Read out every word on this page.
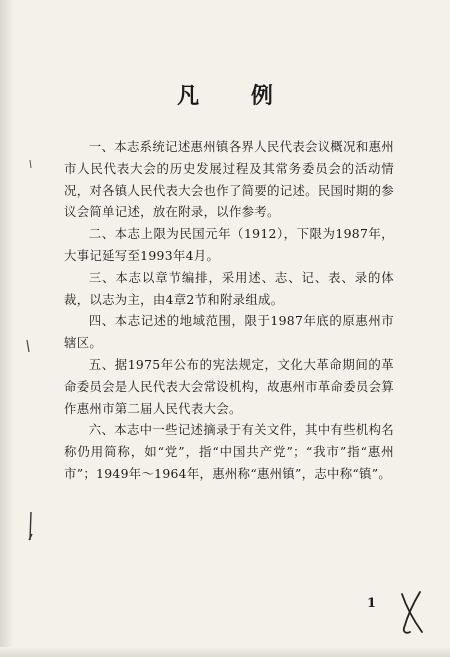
凡 例

一、本志系统记述惠州镇各界人民代表会议概况和惠州市人民代表大会的历史发展过程及其常务委员会的活动情况，对各镇人民代表大会也作了简要的记述。民国时期的参议会简单记述，放在附录，以作参考。

二、本志上限为民国元年（1912），下限为1987年，大事记延写至1993年4月。

三、本志以章节编排，采用述、志、记、表、录的体裁，以志为主，由4章2节和附录组成。

四、本志记述的地域范围，限于1987年底的原惠州市辖区。

五、据1975年公布的宪法规定，文化大革命期间的革命委员会是人民代表大会常设机构，故惠州市革命委员会算作惠州市第二届人民代表大会。

六、本志中一些记述摘录于有关文件，其中有些机构名称仍用简称，如“党”，指“中国共产党”；“我市”指“惠州市”；1949年～1964年，惠州称“惠州镇”，志中称“镇”。

1
